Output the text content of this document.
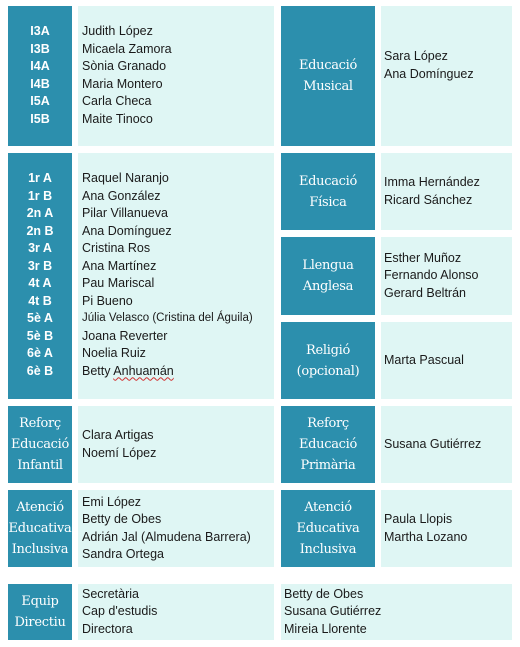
I3A
I3B
I4A
I4B
I5A
I5B
Judith López
Micaela Zamora
Sònia Granado
Maria Montero
Carla Checa
Maite Tinoco
Educació
Musical
Sara López
Ana Domínguez
1r A
1r B
2n A
2n B
3r A
3r B
4t A
4t B
5è A
5è B
6è A
6è B
Raquel Naranjo
Ana González
Pilar Villanueva
Ana Domínguez
Cristina Ros
Ana Martínez
Pau Mariscal
Pi Bueno
Júlia Velasco (Cristina del Águila)
Joana Reverter
Noelia Ruiz
Betty Anhuamán
Educació Física
Imma Hernández
Ricard Sánchez
Llengua Anglesa
Esther Muñoz
Fernando Alonso
Gerard Beltrán
Religió
(opcional)
Marta Pascual
Reforç
Educació
Infantil
Clara Artigas
Noemí López
Reforç Educació
Primària
Susana Gutiérrez
Atenció
Educativa
Inclusiva
Emi López
Betty de Obes
Adrián Jal (Almudena Barrera)
Sandra Ortega
Atenció
Educativa
Inclusiva
Paula Llopis
Martha Lozano
Equip
Directiu
Secretària
Cap d'estudis
Directora
Betty de Obes
Susana Gutiérrez
Mireia Llorente
